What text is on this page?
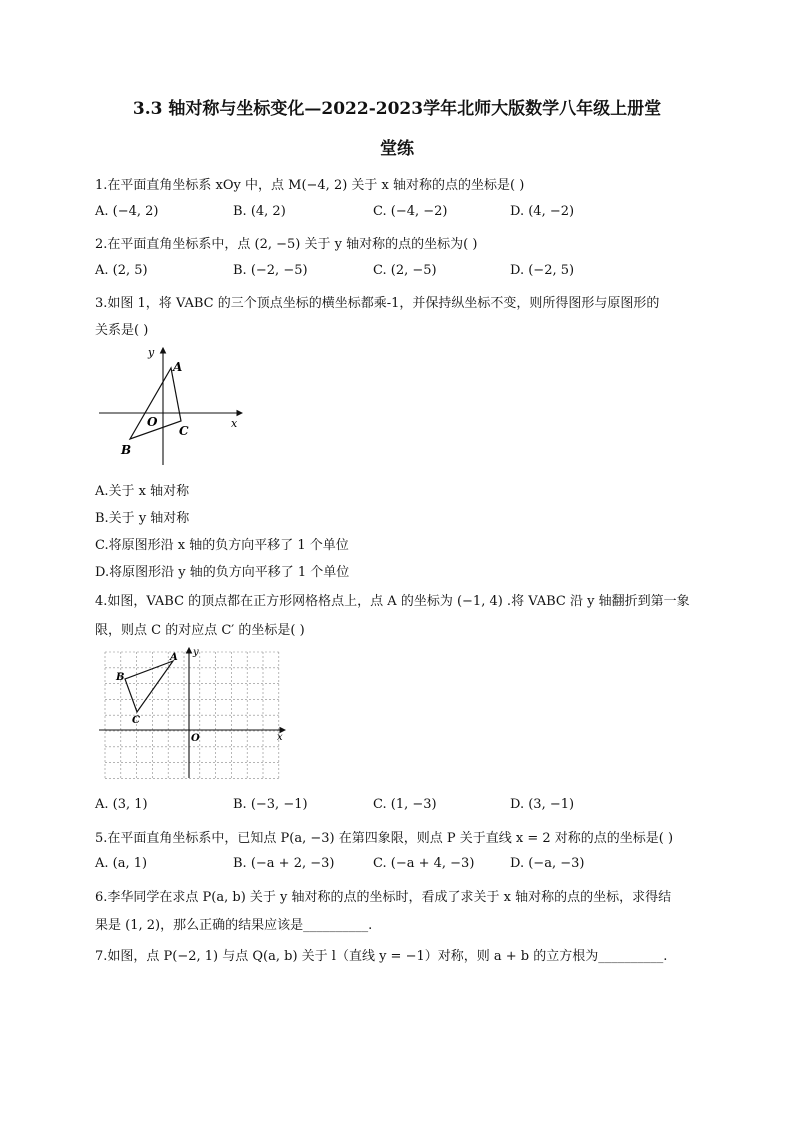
3.3 轴对称与坐标变化—2022-2023学年北师大版数学八年级上册堂
堂练
1.在平面直角坐标系 xOy 中，点 M(−4, 2) 关于 x 轴对称的点的坐标是( )
A. (−4, 2)	B. (4, 2)	C. (−4, −2)	D. (4, −2)
2.在平面直角坐标系中，点 (2, −5) 关于 y 轴对称的点的坐标为( )
A. (2, 5)	B. (−2, −5)	C. (2, −5)	D. (−2, 5)
3.如图 1，将 VABC 的三个顶点坐标的横坐标都乘-1，并保持纵坐标不变，则所得图形与原图形的
关系是( )
y
x
O
A
B
C
A.关于 x 轴对称
B.关于 y 轴对称
C.将原图形沿 x 轴的负方向平移了 1 个单位
D.将原图形沿 y 轴的负方向平移了 1 个单位
4.如图，VABC 的顶点都在正方形网格格点上，点 A 的坐标为 (−1, 4) .将 VABC 沿 y 轴翻折到第一象
限，则点 C 的对应点 C′ 的坐标是( )
y
x
O
A
B
C
A. (3, 1)	B. (−3, −1)	C. (1, −3)	D. (3, −1)
5.在平面直角坐标系中，已知点 P(a, −3) 在第四象限，则点 P 关于直线 x = 2 对称的点的坐标是( )
A. (a, 1)	B. (−a + 2, −3)	C. (−a + 4, −3)	D. (−a, −3)
6.李华同学在求点 P(a, b) 关于 y 轴对称的点的坐标时，看成了求关于 x 轴对称的点的坐标，求得结
果是 (1, 2)，那么正确的结果应该是__________.
7.如图，点 P(−2, 1) 与点 Q(a, b) 关于 l（直线 y = −1）对称，则 a + b 的立方根为__________.
